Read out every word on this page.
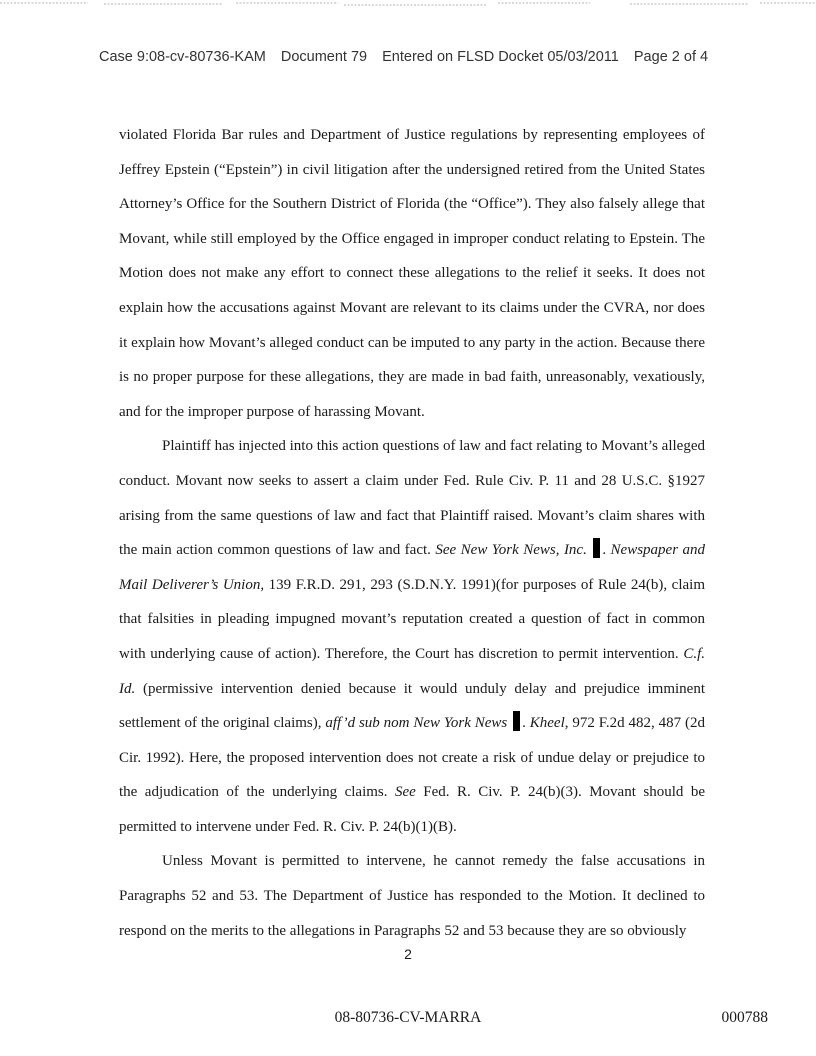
Case 9:08-cv-80736-KAM Document 79 Entered on FLSD Docket 05/03/2011 Page 2 of 4

violated Florida Bar rules and Department of Justice regulations by representing employees of Jeffrey Epstein (“Epstein”) in civil litigation after the undersigned retired from the United States Attorney’s Office for the Southern District of Florida (the “Office”). They also falsely allege that Movant, while still employed by the Office engaged in improper conduct relating to Epstein. The Motion does not make any effort to connect these allegations to the relief it seeks. It does not explain how the accusations against Movant are relevant to its claims under the CVRA, nor does it explain how Movant’s alleged conduct can be imputed to any party in the action. Because there is no proper purpose for these allegations, they are made in bad faith, unreasonably, vexatiously, and for the improper purpose of harassing Movant.

Plaintiff has injected into this action questions of law and fact relating to Movant’s alleged conduct. Movant now seeks to assert a claim under Fed. Rule Civ. P. 11 and 28 U.S.C. §1927 arising from the same questions of law and fact that Plaintiff raised. Movant’s claim shares with the main action common questions of law and fact. See New York News, Inc. . Newspaper and Mail Deliverer’s Union, 139 F.R.D. 291, 293 (S.D.N.Y. 1991)(for purposes of Rule 24(b), claim that falsities in pleading impugned movant’s reputation created a question of fact in common with underlying cause of action). Therefore, the Court has discretion to permit intervention. C.f. Id. (permissive intervention denied because it would unduly delay and prejudice imminent settlement of the original claims), aff’d sub nom New York News . Kheel, 972 F.2d 482, 487 (2d Cir. 1992). Here, the proposed intervention does not create a risk of undue delay or prejudice to the adjudication of the underlying claims. See Fed. R. Civ. P. 24(b)(3). Movant should be permitted to intervene under Fed. R. Civ. P. 24(b)(1)(B).

Unless Movant is permitted to intervene, he cannot remedy the false accusations in Paragraphs 52 and 53. The Department of Justice has responded to the Motion. It declined to respond on the merits to the allegations in Paragraphs 52 and 53 because they are so obviously

2
08-80736-CV-MARRA	000788
